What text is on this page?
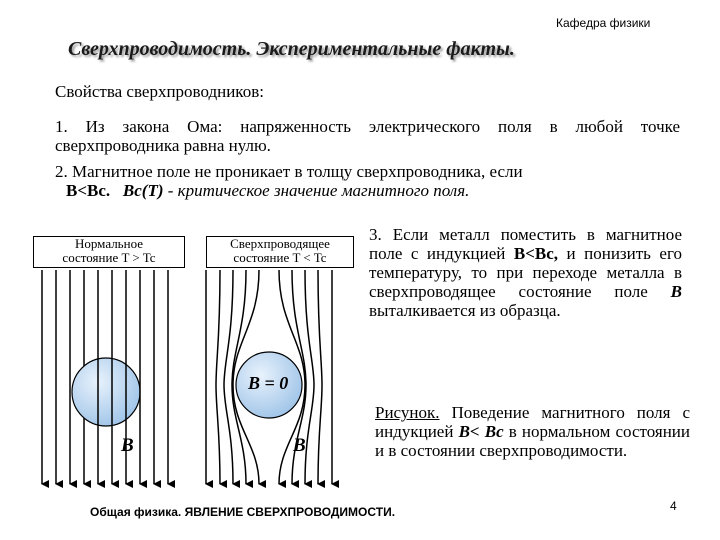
Кафедра физики
Сверхпроводимость. Экспериментальные факты.
Свойства сверхпроводников:
1. Из закона Ома: напряженность электрического поля в любой точке сверхпроводника равна нулю.
2. Магнитное поле не проникает в толщу сверхпроводника, если
B<Bc. Bc(T) - критическое значение магнитного поля.
3. Если металл поместить в магнитное поле с индукцией B<Bc, и понизить его температуру, то при переходе металла в сверхпроводящее состояние поле B выталкивается из образца.
Нормальное
состояние T > Tc
Сверхпроводящее
состояние T < Tc
B	B
B = 0
Рисунок. Поведение магнитного поля с индукцией B< Bc в нормальном состоянии и в состоянии сверхпроводимости.
Общая физика. ЯВЛЕНИЕ СВЕРХПРОВОДИМОСТИ.	4
